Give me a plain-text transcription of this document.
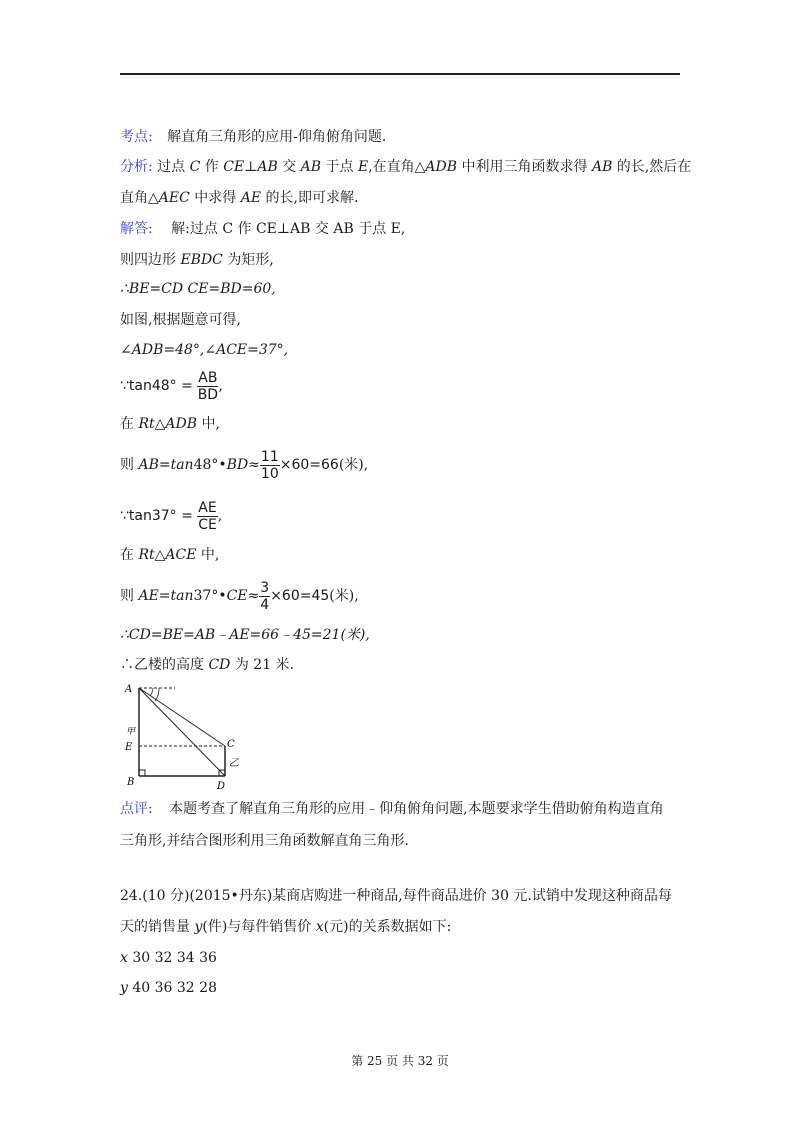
考点: 解直角三角形的应用-仰角俯角问题.
分析: 过点 C 作 CE⊥AB 交 AB 于点 E,在直角△ADB 中利用三角函数求得 AB 的长,然后在
直角△AEC 中求得 AE 的长,即可求解.
解答: 解:过点 C 作 CE⊥AB 交 AB 于点 E,
则四边形 EBDC 为矩形,
∴BE=CD CE=BD=60,
如图,根据题意可得,
∠ADB=48°,∠ACE=37°,
∵tan48° = $\frac{AB}{BD}$ ,
在 Rt△ADB 中,
则 AB=tan48°•BD≈ $\frac{11}{10} \times 60=66$(米),
∵tan37° = $\frac{AE}{CE}$ ,
在 Rt△ACE 中,
则 AE=tan37°•CE≈ $\frac{3}{4} \times 60=45$(米),
∴CD=BE=AB﹣AE=66﹣45=21(米),
∴乙楼的高度 CD 为 21 米.
A
甲
E
B
C
乙
D
点评: 本题考查了解直角三角形的应用﹣仰角俯角问题,本题要求学生借助俯角构造直角
三角形,并结合图形利用三角函数解直角三角形.
24.(10 分)(2015•丹东)某商店购进一种商品,每件商品进价 30 元.试销中发现这种商品每
天的销售量 y(件)与每件销售价 x(元)的关系数据如下:
x 30 32 34 36
y 40 36 32 28
第 25 页 共 32 页
